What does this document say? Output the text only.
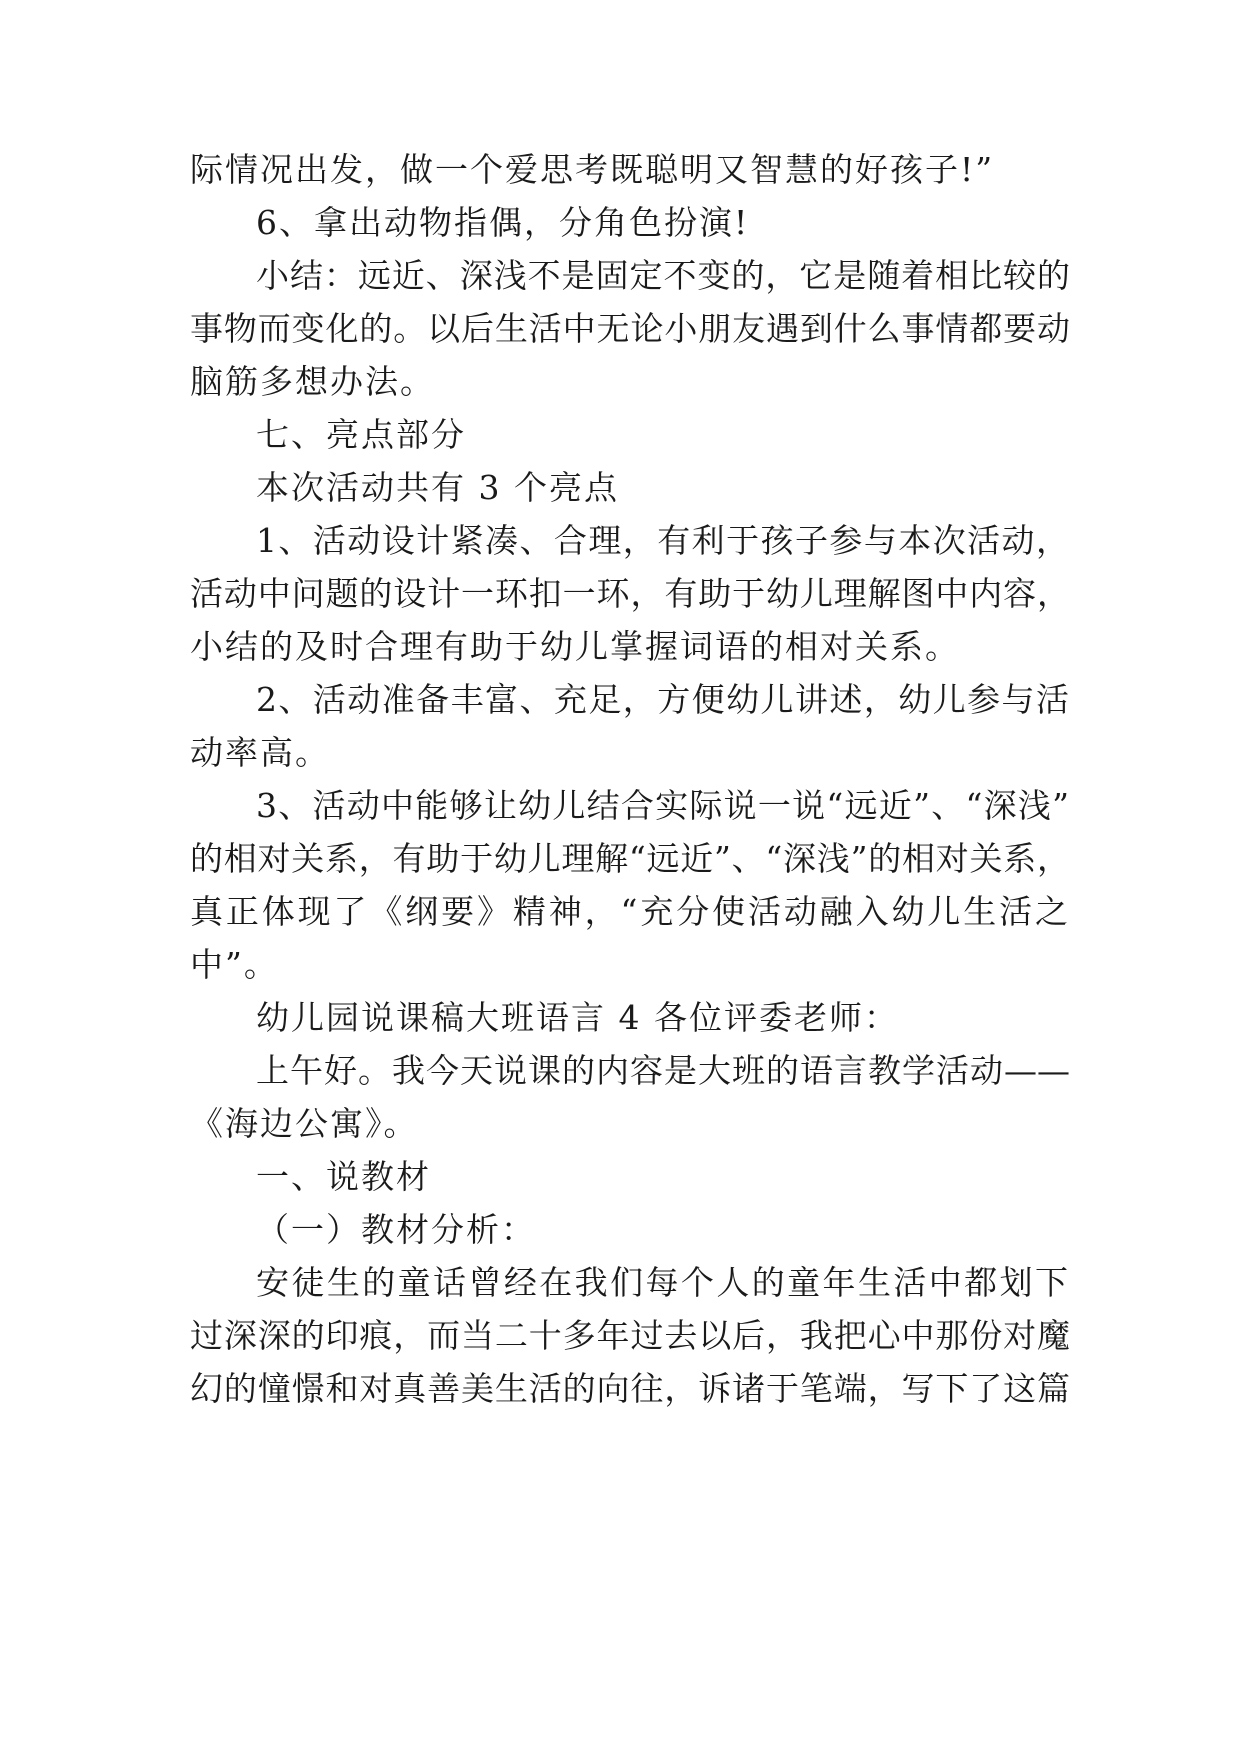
际情况出发，做一个爱思考既聪明又智慧的好孩子!”
6、拿出动物指偶，分角色扮演!
小结：远近、深浅不是固定不变的，它是随着相比较的
事物而变化的。以后生活中无论小朋友遇到什么事情都要动
脑筋多想办法。
七、亮点部分
本次活动共有 3 个亮点
1、活动设计紧凑、合理，有利于孩子参与本次活动，
活动中问题的设计一环扣一环，有助于幼儿理解图中内容，
小结的及时合理有助于幼儿掌握词语的相对关系。
2、活动准备丰富、充足，方便幼儿讲述，幼儿参与活
动率高。
3、活动中能够让幼儿结合实际说一说“远近”、“深浅”
的相对关系，有助于幼儿理解“远近”、“深浅”的相对关系，
真正体现了《纲要》精神，“充分使活动融入幼儿生活之
中”。
幼儿园说课稿大班语言 4 各位评委老师：
上午好。我今天说课的内容是大班的语言教学活动——
《海边公寓》。
一、说教材
（一）教材分析：
安徒生的童话曾经在我们每个人的童年生活中都划下
过深深的印痕，而当二十多年过去以后，我把心中那份对魔
幻的憧憬和对真善美生活的向往，诉诸于笔端，写下了这篇
